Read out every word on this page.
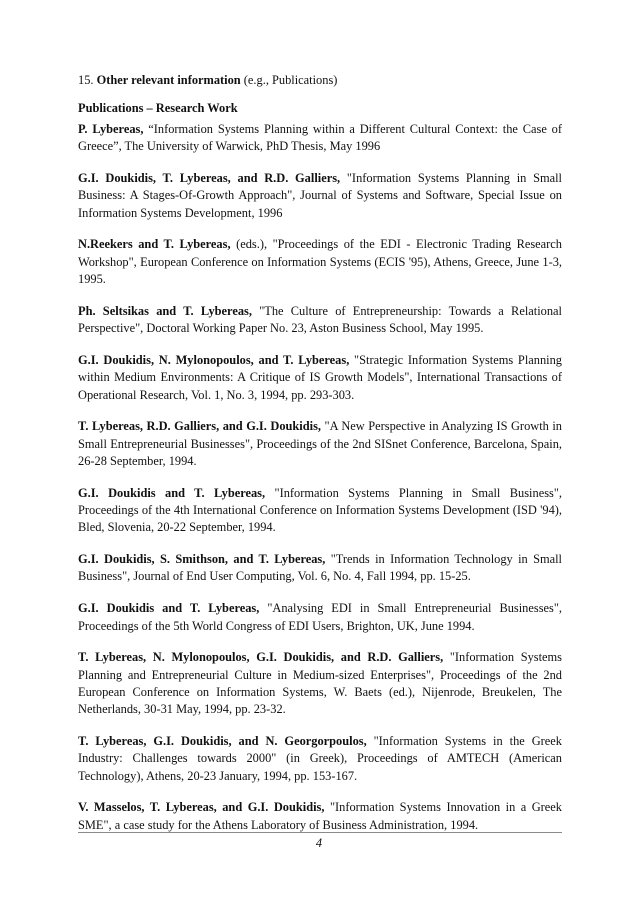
15. Other relevant information (e.g., Publications)

Publications – Research Work

P. Lybereas, “Information Systems Planning within a Different Cultural Context: the Case of Greece”, The University of Warwick, PhD Thesis, May 1996

G.I. Doukidis, T. Lybereas, and R.D. Galliers, "Information Systems Planning in Small Business: A Stages-Of-Growth Approach", Journal of Systems and Software, Special Issue on Information Systems Development, 1996

N.Reekers and T. Lybereas, (eds.), "Proceedings of the EDI - Electronic Trading Research Workshop", European Conference on Information Systems (ECIS '95), Athens, Greece, June 1-3, 1995.

Ph. Seltsikas and T. Lybereas, "The Culture of Entrepreneurship: Towards a Relational Perspective", Doctoral Working Paper No. 23, Aston Business School, May 1995.

G.I. Doukidis, N. Mylonopoulos, and T. Lybereas, "Strategic Information Systems Planning within Medium Environments: A Critique of IS Growth Models", International Transactions of Operational Research, Vol. 1, No. 3, 1994, pp. 293-303.

T. Lybereas, R.D. Galliers, and G.I. Doukidis, "A New Perspective in Analyzing IS Growth in Small Entrepreneurial Businesses", Proceedings of the 2nd SISnet Conference, Barcelona, Spain, 26-28 September, 1994.

G.I. Doukidis and T. Lybereas, "Information Systems Planning in Small Business", Proceedings of the 4th International Conference on Information Systems Development (ISD '94), Bled, Slovenia, 20-22 September, 1994.

G.I. Doukidis, S. Smithson, and T. Lybereas, "Trends in Information Technology in Small Business", Journal of End User Computing, Vol. 6, No. 4, Fall 1994, pp. 15-25.

G.I. Doukidis and T. Lybereas, "Analysing EDI in Small Entrepreneurial Businesses", Proceedings of the 5th World Congress of EDI Users, Brighton, UK, June 1994.

T. Lybereas, N. Mylonopoulos, G.I. Doukidis, and R.D. Galliers, "Information Systems Planning and Entrepreneurial Culture in Medium-sized Enterprises", Proceedings of the 2nd European Conference on Information Systems, W. Baets (ed.), Nijenrode, Breukelen, The Netherlands, 30-31 May, 1994, pp. 23-32.

T. Lybereas, G.I. Doukidis, and N. Georgorpoulos, "Information Systems in the Greek Industry: Challenges towards 2000" (in Greek), Proceedings of AMTECH (American Technology), Athens, 20-23 January, 1994, pp. 153-167.

V. Masselos, T. Lybereas, and G.I. Doukidis, "Information Systems Innovation in a Greek SME", a case study for the Athens Laboratory of Business Administration, 1994.

4
